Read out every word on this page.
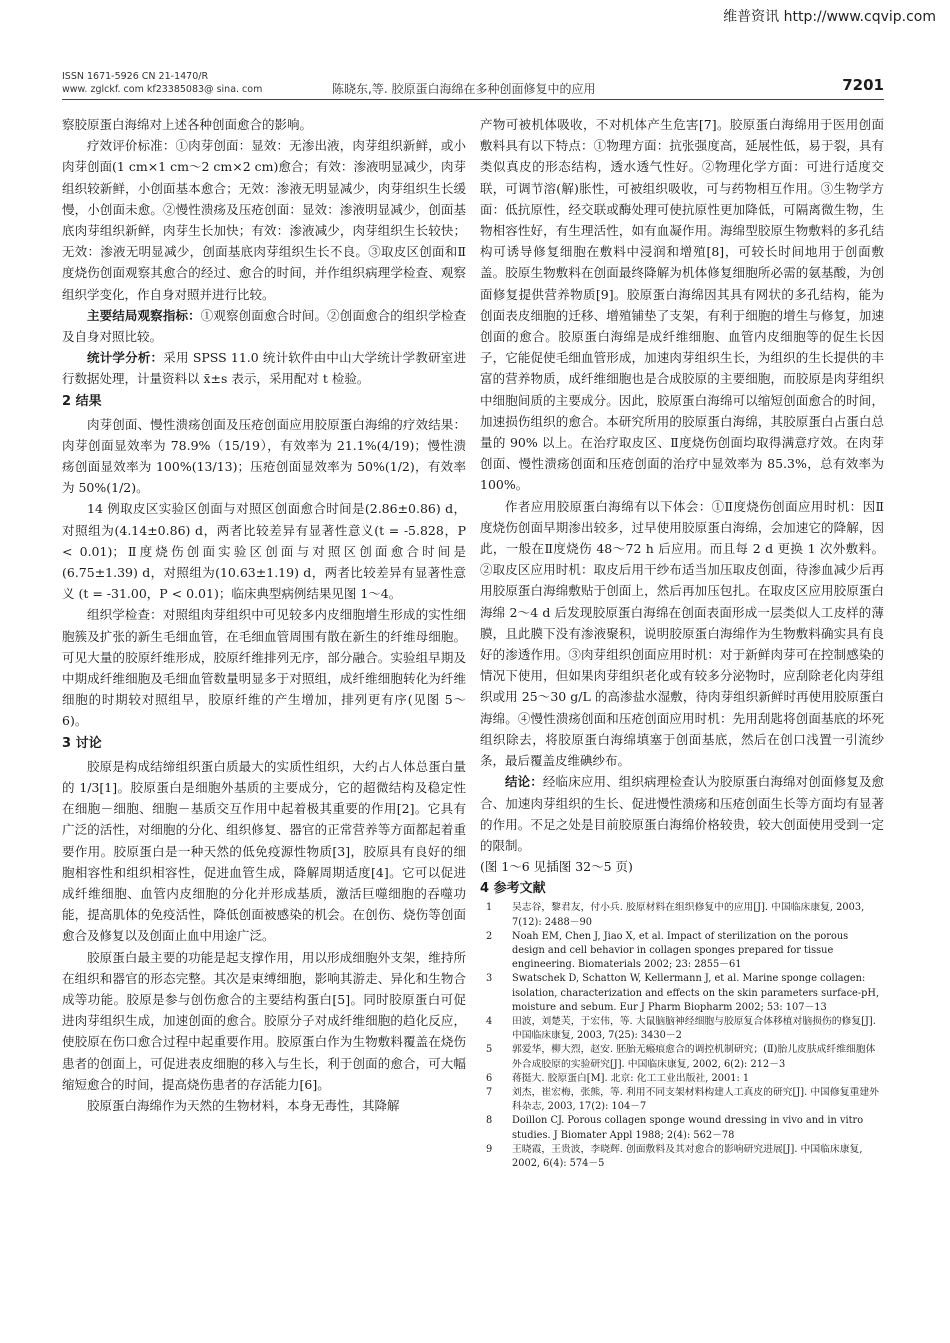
维普资讯 http://www.cqvip.com
ISSN 1671-5926 CN 21-1470/R
www. zglckf. com kf23385083@ sina. com	陈晓东,等. 胶原蛋白海绵在多种创面修复中的应用	7201

察胶原蛋白海绵对上述各种创面愈合的影响。

疗效评价标准：①肉芽创面：显效：无渗出液，肉芽组织新鲜，或小肉芽创面(1 cm×1 cm～2 cm×2 cm)愈合；有效：渗液明显减少，肉芽组织较新鲜，小创面基本愈合；无效：渗液无明显减少，肉芽组织生长缓慢，小创面未愈。②慢性溃疡及压疮创面：显效：渗液明显减少，创面基底肉芽组织新鲜，肉芽生长加快；有效：渗液减少，肉芽组织生长较快；无效：渗液无明显减少，创面基底肉芽组织生长不良。③取皮区创面和Ⅱ度烧伤创面观察其愈合的经过、愈合的时间，并作组织病理学检查、观察组织学变化，作自身对照并进行比较。

主要结局观察指标：①观察创面愈合时间。②创面愈合的组织学检查及自身对照比较。

统计学分析：采用 SPSS 11.0 统计软件由中山大学统计学教研室进行数据处理，计量资料以 x̄±s 表示，采用配对 t 检验。

2 结果

肉芽创面、慢性溃疡创面及压疮创面应用胶原蛋白海绵的疗效结果：肉芽创面显效率为 78.9%（15/19），有效率为 21.1%(4/19)；慢性溃疡创面显效率为 100%(13/13)；压疮创面显效率为 50%(1/2)，有效率为 50%(1/2)。

14 例取皮区实验区创面与对照区创面愈合时间是(2.86±0.86) d，对照组为(4.14±0.86) d，两者比较差异有显著性意义(t = -5.828，P < 0.01)；Ⅱ度烧伤创面实验区创面与对照区创面愈合时间是 (6.75±1.39) d，对照组为(10.63±1.19) d，两者比较差异有显著性意义 (t = -31.00，P < 0.01)；临床典型病例结果见图 1～4。

组织学检查：对照组肉芽组织中可见较多内皮细胞增生形成的实性细胞簇及扩张的新生毛细血管，在毛细血管周围有散在新生的纤维母细胞。可见大量的胶原纤维形成，胶原纤维排列无序，部分融合。实验组早期及中期成纤维细胞及毛细血管数量明显多于对照组，成纤维细胞转化为纤维细胞的时期较对照组早，胶原纤维的产生增加，排列更有序(见图 5～6)。

3 讨论

胶原是构成结缔组织蛋白质最大的实质性组织，大约占人体总蛋白量的 1/3[1]。胶原蛋白是细胞外基质的主要成分，它的超微结构及稳定性在细胞－细胞、细胞－基质交互作用中起着极其重要的作用[2]。它具有广泛的活性，对细胞的分化、组织修复、器官的正常营养等方面都起着重要作用。胶原蛋白是一种天然的低免疫源性物质[3]，胶原具有良好的细胞相容性和组织相容性，促进血管生成，降解周期适度[4]。它可以促进成纤维细胞、血管内皮细胞的分化并形成基质，激活巨噬细胞的吞噬功能，提高肌体的免疫活性，降低创面被感染的机会。在创伤、烧伤等创面愈合及修复以及创面止血中用途广泛。

胶原蛋白最主要的功能是起支撑作用，用以形成细胞外支架，维持所在组织和器官的形态完整。其次是束缚细胞，影响其游走、异化和生物合成等功能。胶原是参与创伤愈合的主要结构蛋白[5]。同时胶原蛋白可促进肉芽组织生成，加速创面的愈合。胶原分子对成纤维细胞的趋化反应，使胶原在伤口愈合过程中起重要作用。胶原蛋白作为生物敷料覆盖在烧伤患者的创面上，可促进表皮细胞的移入与生长，利于创面的愈合，可大幅缩短愈合的时间，提高烧伤患者的存活能力[6]。

胶原蛋白海绵作为天然的生物材料，本身无毒性，其降解

产物可被机体吸收，不对机体产生危害[7]。胶原蛋白海绵用于医用创面敷料具有以下特点：①物理方面：抗张强度高，延展性低，易于裂，具有类似真皮的形态结构，透水透气性好。②物理化学方面：可进行适度交联，可调节溶(解)胀性，可被组织吸收，可与药物相互作用。③生物学方面：低抗原性，经交联或酶处理可使抗原性更加降低，可隔离微生物，生物相容性好，有生理活性，如有血凝作用。海绵型胶原生物敷料的多孔结构可诱导修复细胞在敷料中浸润和增殖[8]，可较长时间地用于创面敷盖。胶原生物敷料在创面最终降解为机体修复细胞所必需的氨基酸，为创面修复提供营养物质[9]。胶原蛋白海绵因其具有网状的多孔结构，能为创面表皮细胞的迁移、增殖铺垫了支架，有利于细胞的增生与修复，加速创面的愈合。胶原蛋白海绵是成纤维细胞、血管内皮细胞等的促生长因子，它能促使毛细血管形成，加速肉芽组织生长，为组织的生长提供的丰富的营养物质，成纤维细胞也是合成胶原的主要细胞，而胶原是肉芽组织中细胞间质的主要成分。因此，胶原蛋白海绵可以缩短创面愈合的时间，加速损伤组织的愈合。本研究所用的胶原蛋白海绵，其胶原蛋白占蛋白总量的 90% 以上。在治疗取皮区、Ⅱ度烧伤创面均取得满意疗效。在肉芽创面、慢性溃疡创面和压疮创面的治疗中显效率为 85.3%，总有效率为 100%。

作者应用胶原蛋白海绵有以下体会：①Ⅱ度烧伤创面应用时机：因Ⅱ度烧伤创面早期渗出较多，过早使用胶原蛋白海绵，会加速它的降解，因此，一般在Ⅱ度烧伤 48～72 h 后应用。而且每 2 d 更换 1 次外敷料。②取皮区应用时机：取皮后用干纱布适当加压取皮创面，待渗血减少后再用胶原蛋白海绵敷贴于创面上，然后再加压包扎。在取皮区应用胶原蛋白海绵 2～4 d 后发现胶原蛋白海绵在创面表面形成一层类似人工皮样的薄膜，且此膜下没有渗液聚积，说明胶原蛋白海绵作为生物敷料确实具有良好的渗透作用。③肉芽组织创面应用时机：对于新鲜肉芽可在控制感染的情况下使用，但如果肉芽组织老化或有较多分泌物时，应刮除老化肉芽组织或用 25～30 g/L 的高渗盐水湿敷，待肉芽组织新鲜时再使用胶原蛋白海绵。④慢性溃疡创面和压疮创面应用时机：先用刮匙将创面基底的坏死组织除去，将胶原蛋白海绵填塞于创面基底，然后在创口浅置一引流纱条，最后覆盖皮维碘纱布。

结论：经临床应用、组织病理检查认为胶原蛋白海绵对创面修复及愈合、加速肉芽组织的生长、促进慢性溃疡和压疮创面生长等方面均有显著的作用。不足之处是目前胶原蛋白海绵价格较贵，较大创面使用受到一定的限制。

(图 1～6 见插图 32～5 页)

4 参考文献
1 吴志谷，黎君友，付小兵. 胶原材料在组织修复中的应用[J]. 中国临床康复, 2003, 7(12): 2488－90
2 Noah EM, Chen J, Jiao X, et al. Impact of sterilization on the porous design and cell behavior in collagen sponges prepared for tissue engineering. Biomaterials 2002; 23: 2855－61
3 Swatschek D, Schatton W, Kellermann J, et al. Marine sponge collagen: isolation, characterization and effects on the skin parameters surface-pH, moisture and sebum. Eur J Pharm Biopharm 2002; 53: 107－13
4 田波，刘楚芙，于宏伟，等. 大鼠脑脑神经细胞与胶原复合体移植对脑损伤的修复[J]. 中国临床康复, 2003, 7(25): 3430－2
5 郭爱华，柳大烈，赵安. 胚胎无瘢痕愈合的调控机制研究；(Ⅱ)胎儿皮肤成纤维细胞体外合成胶原的实验研究[J]. 中国临床康复, 2002, 6(2): 212－3
6 蒋挺大. 胶原蛋白[M]. 北京: 化工工业出版社, 2001: 1
7 刘杰，崔宏梅，张熊，等. 利用不同支架材料构建人工真皮的研究[J]. 中国修复重建外科杂志, 2003, 17(2): 104－7
8 Doillon CJ. Porous collagen sponge wound dressing in vivo and in vitro studies. J Biomater Appl 1988; 2(4): 562－78
9 王晓霞，王贵波，李晓辉. 创面敷料及其对愈合的影响研究进展[J]. 中国临床康复, 2002, 6(4): 574－5
